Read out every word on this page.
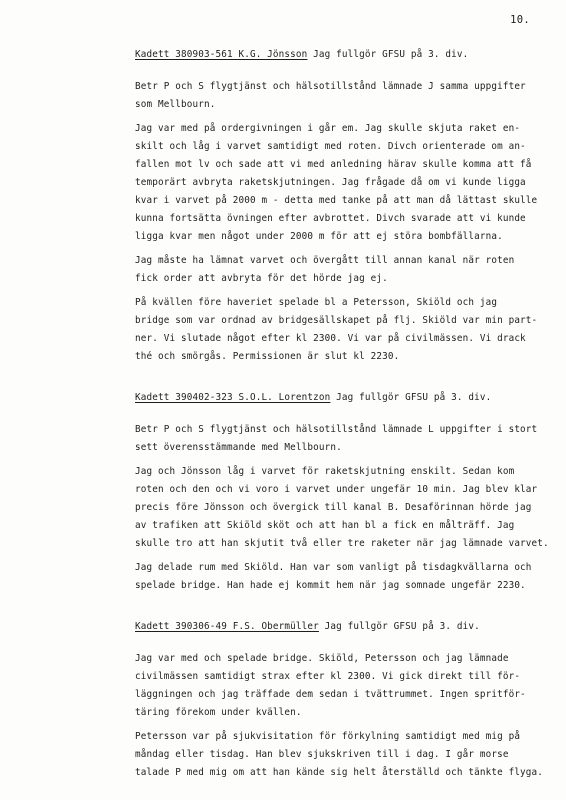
10.
Kadett 380903-561 K.G. Jönsson Jag fullgör GFSU på 3. div.
Betr P och S flygtjänst och hälsotillstånd lämnade J samma uppgifter
som Mellbourn.
Jag var med på ordergivningen i går em. Jag skulle skjuta raket en-
skilt och låg i varvet samtidigt med roten. Divch orienterade om an-
fallen mot lv och sade att vi med anledning härav skulle komma att få
temporärt avbryta raketskjutningen. Jag frågade då om vi kunde ligga
kvar i varvet på 2000 m - detta med tanke på att man då lättast skulle
kunna fortsätta övningen efter avbrottet. Divch svarade att vi kunde
ligga kvar men något under 2000 m för att ej störa bombfällarna.
Jag måste ha lämnat varvet och övergått till annan kanal när roten
fick order att avbryta för det hörde jag ej.
På kvällen före haveriet spelade bl a Petersson, Skiöld och jag
bridge som var ordnad av bridgesällskapet på flj. Skiöld var min part-
ner. Vi slutade något efter kl 2300. Vi var på civilmässen. Vi drack
thé och smörgås. Permissionen är slut kl 2230.
Kadett 390402-323 S.O.L. Lorentzon Jag fullgör GFSU på 3. div.
Betr P och S flygtjänst och hälsotillstånd lämnade L uppgifter i stort
sett överensstämmande med Mellbourn.
Jag och Jönsson låg i varvet för raketskjutning enskilt. Sedan kom
roten och den och vi voro i varvet under ungefär 10 min. Jag blev klar
precis före Jönsson och övergick till kanal B. Desaförinnan hörde jag
av trafiken att Skiöld sköt och att han bl a fick en målträff. Jag
skulle tro att han skjutit två eller tre raketer när jag lämnade varvet.
Jag delade rum med Skiöld. Han var som vanligt på tisdagkvällarna och
spelade bridge. Han hade ej kommit hem när jag somnade ungefär 2230.
Kadett 390306-49 F.S. Obermüller Jag fullgör GFSU på 3. div.
Jag var med och spelade bridge. Skiöld, Petersson och jag lämnade
civilmässen samtidigt strax efter kl 2300. Vi gick direkt till för-
läggningen och jag träffade dem sedan i tvättrummet. Ingen spritför-
täring förekom under kvällen.
Petersson var på sjukvisitation för förkylning samtidigt med mig på
måndag eller tisdag. Han blev sjukskriven till i dag. I går morse
talade P med mig om att han kände sig helt återställd och tänkte flyga.
